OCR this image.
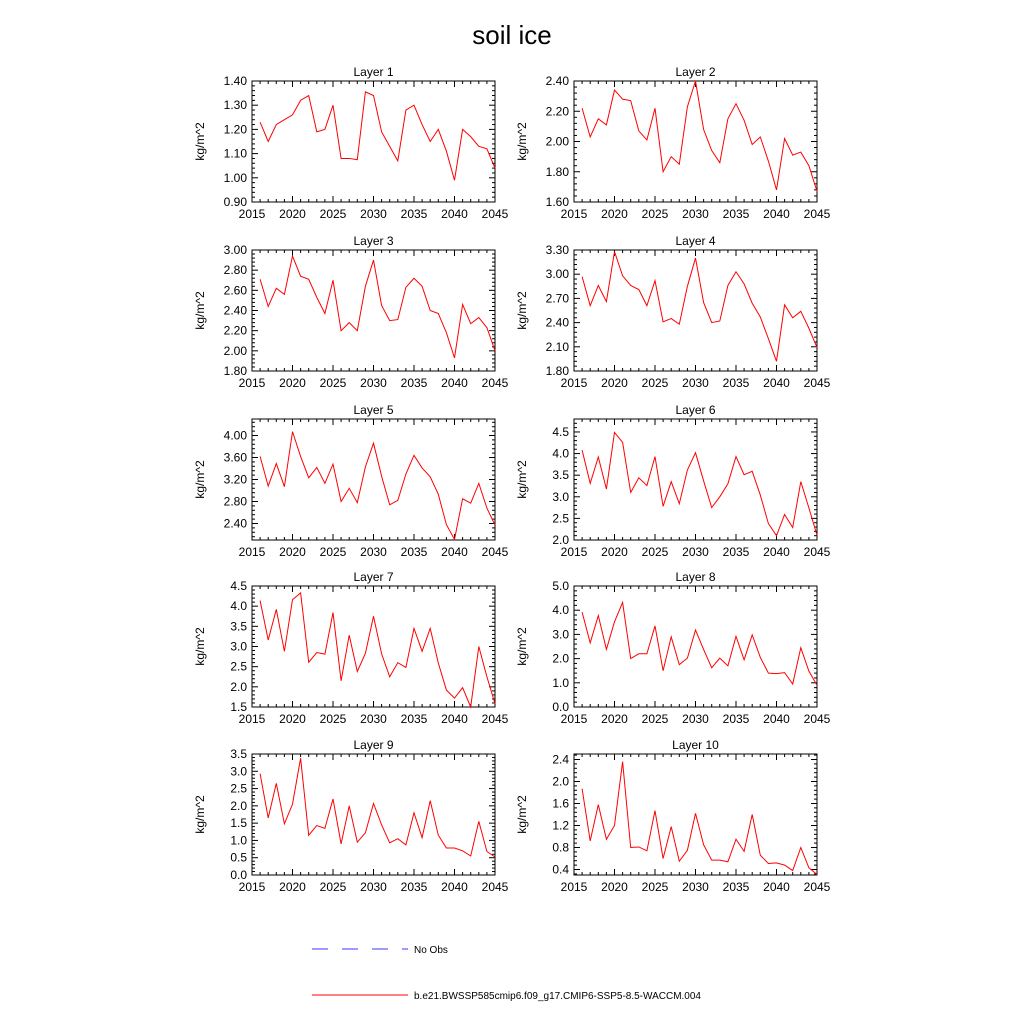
soil ice
Layer 1
kg/m^2
2015 2020 2025 2030 2035 2040 2045
0.90
1.00
1.10
1.20
1.30
1.40
Layer 2
kg/m^2
2015 2020 2025 2030 2035 2040 2045
1.60
1.80
2.00
2.20
2.40
Layer 3
kg/m^2
2015 2020 2025 2030 2035 2040 2045
1.80
2.00
2.20
2.40
2.60
2.80
3.00
Layer 4
kg/m^2
2015 2020 2025 2030 2035 2040 2045
1.80
2.10
2.40
2.70
3.00
3.30
Layer 5
kg/m^2
2015 2020 2025 2030 2035 2040 2045
2.40
2.80
3.20
3.60
4.00
Layer 6
kg/m^2
2015 2020 2025 2030 2035 2040 2045
2.0
2.5
3.0
3.5
4.0
4.5
Layer 7
kg/m^2
2015 2020 2025 2030 2035 2040 2045
1.5
2.0
2.5
3.0
3.5
4.0
4.5
Layer 8
kg/m^2
2015 2020 2025 2030 2035 2040 2045
0.0
1.0
2.0
3.0
4.0
5.0
Layer 9
kg/m^2
2015 2020 2025 2030 2035 2040 2045
0.0
0.5
1.0
1.5
2.0
2.5
3.0
3.5
Layer 10
kg/m^2
2015 2020 2025 2030 2035 2040 2045
0.4
0.8
1.2
1.6
2.0
2.4
No Obs
b.e21.BWSSP585cmip6.f09_g17.CMIP6-SSP5-8.5-WACCM.004
